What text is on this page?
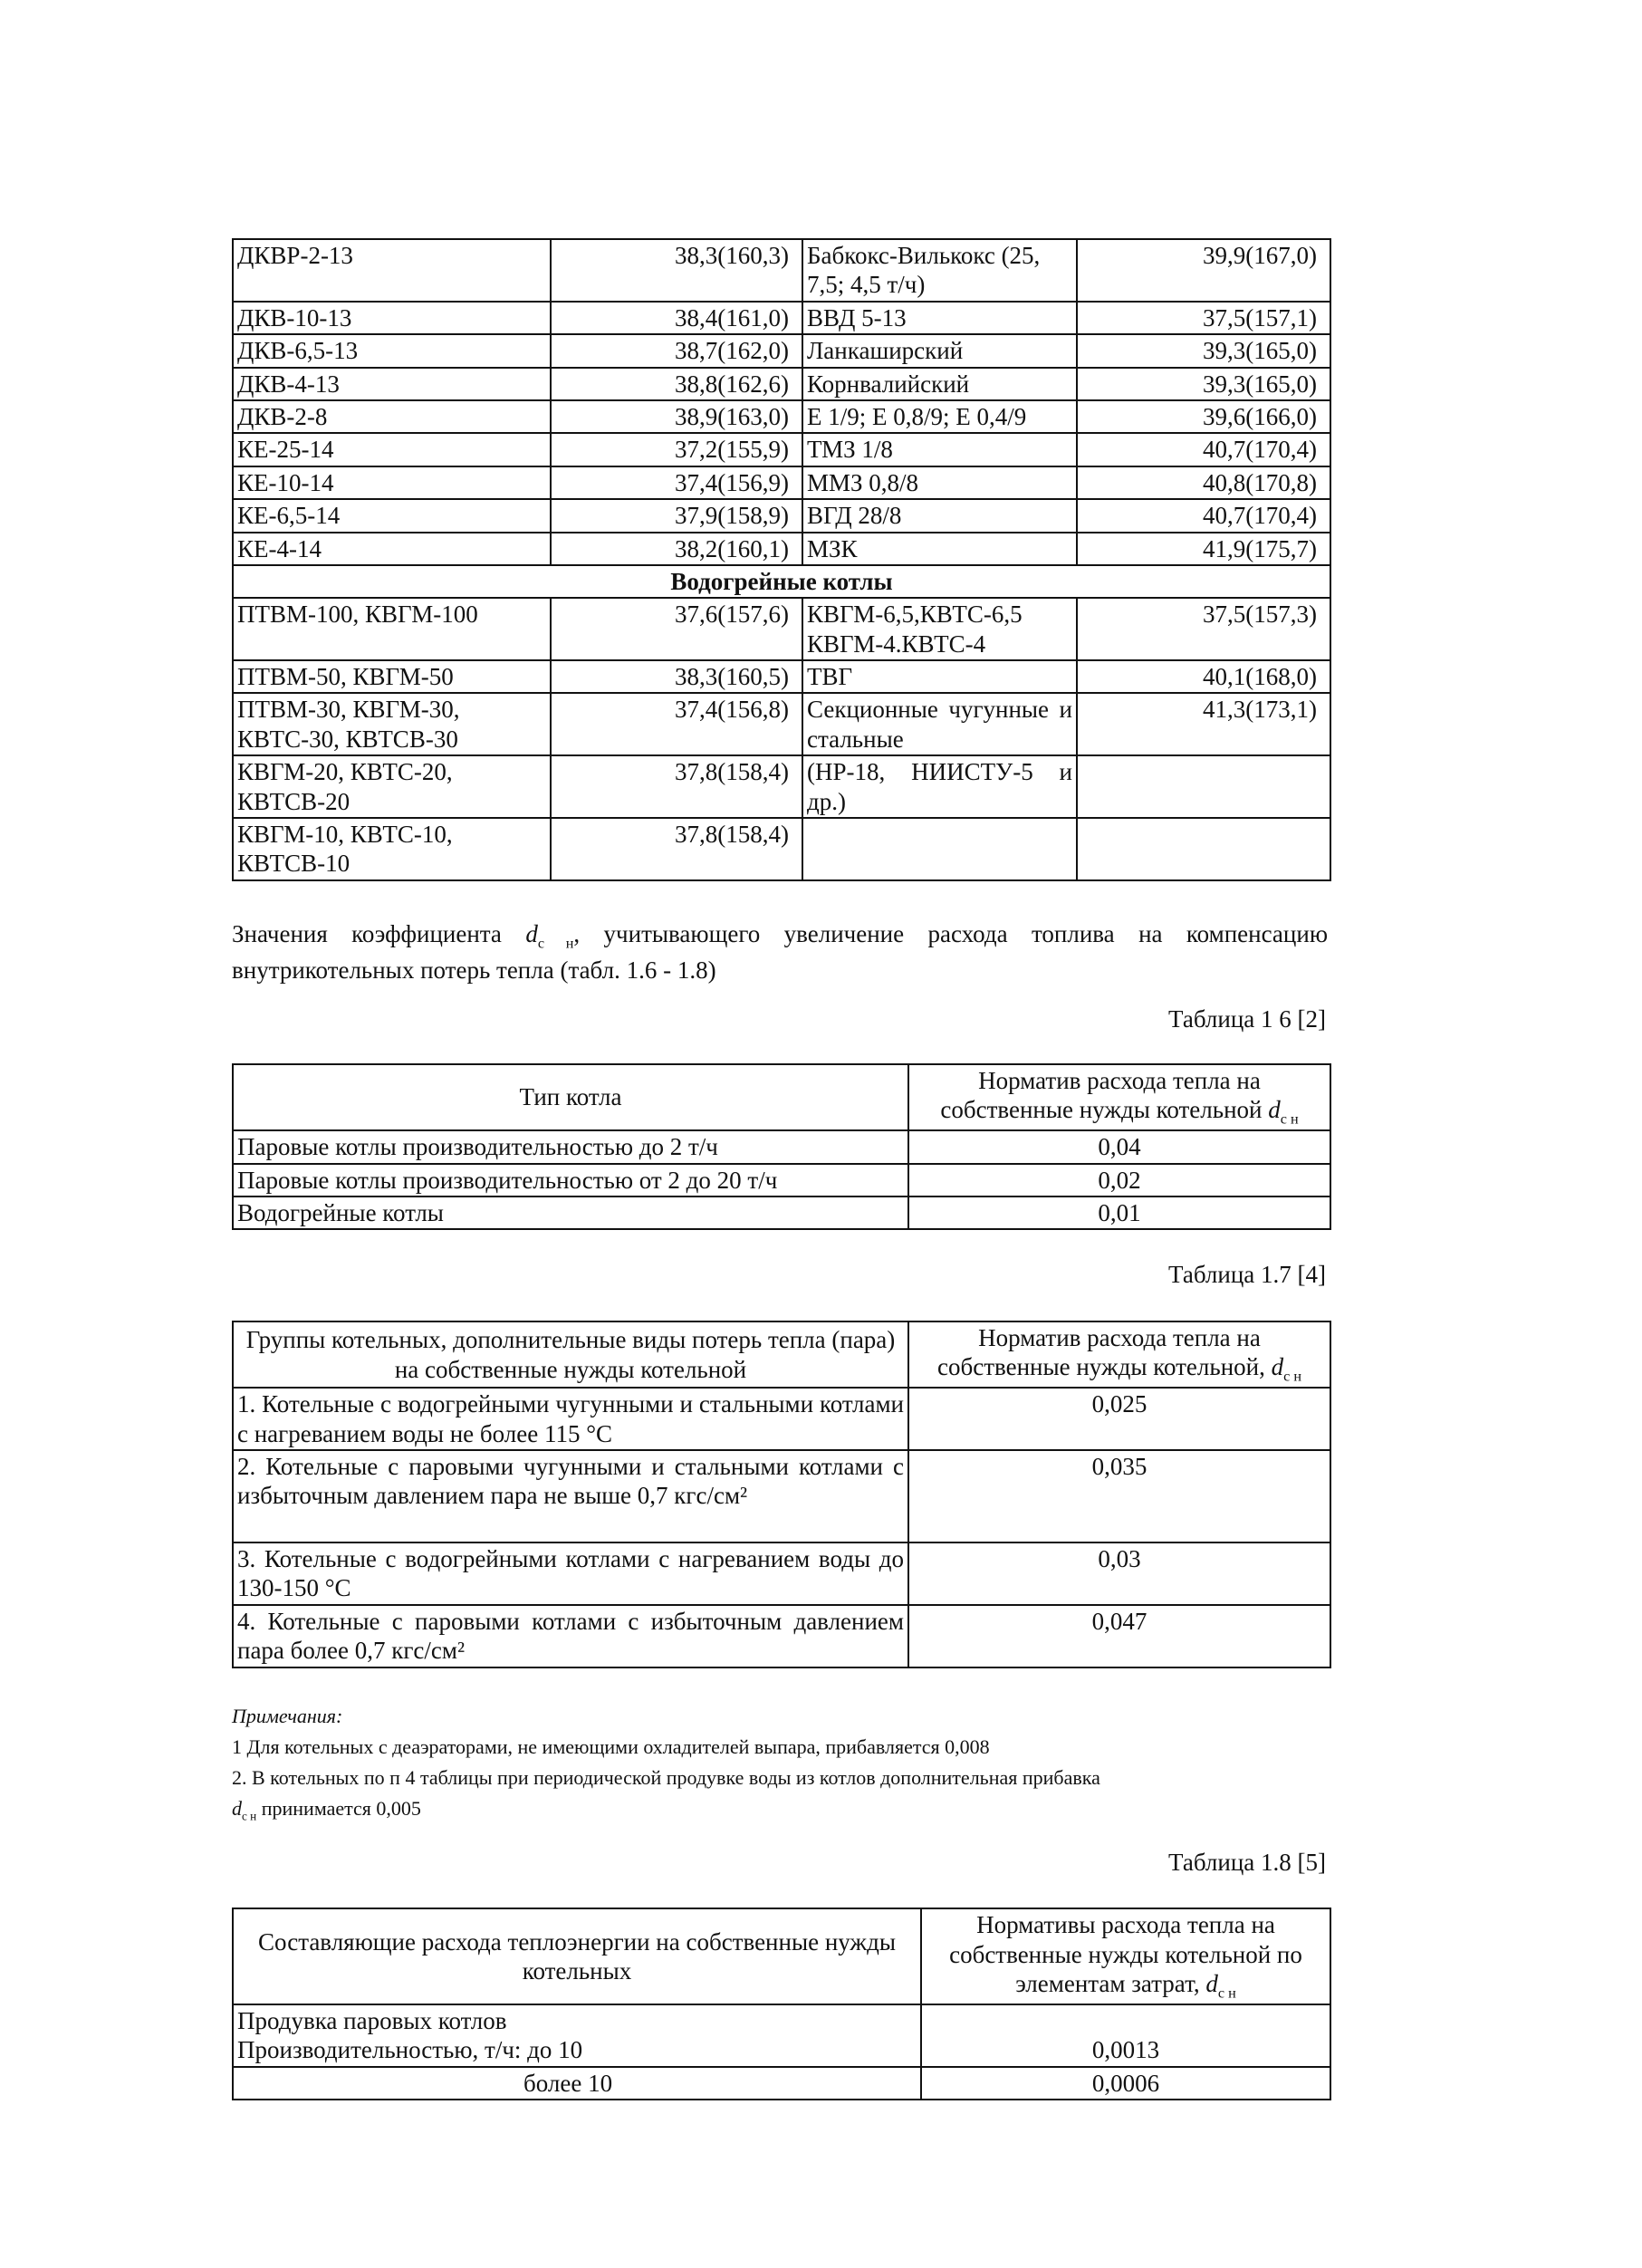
ДКВР-2-13	38,3(160,3)	Бабкокс-Вилькокс (25, 7,5; 4,5 т/ч)	39,9(167,0)
ДКВ-10-13	38,4(161,0)	ВВД 5-13	37,5(157,1)
ДКВ-6,5-13	38,7(162,0)	Ланкаширский	39,3(165,0)
ДКВ-4-13	38,8(162,6)	Корнвалийский	39,3(165,0)
ДКВ-2-8	38,9(163,0)	Е 1/9; Е 0,8/9; Е 0,4/9	39,6(166,0)
КЕ-25-14	37,2(155,9)	ТМЗ 1/8	40,7(170,4)
КЕ-10-14	37,4(156,9)	ММЗ 0,8/8	40,8(170,8)
КЕ-6,5-14	37,9(158,9)	ВГД 28/8	40,7(170,4)
КЕ-4-14	38,2(160,1)	МЗК	41,9(175,7)
Водогрейные котлы			
ПТВМ-100, КВГМ-100	37,6(157,6)	КВГМ-6,5,КВТС-6,5 КВГМ-4.КВТС-4	37,5(157,3)
ПТВМ-50, КВГМ-50	38,3(160,5)	ТВГ	40,1(168,0)
ПТВМ-30, КВГМ-30, КВТС-30, КВТСВ-30	37,4(156,8)	Секционные чугунные и стальные	41,3(173,1)
КВГМ-20, КВТС-20, КВТСВ-20	37,8(158,4)	(НР-18, НИИСТУ-5 и др.)	
КВГМ-10, КВТС-10, КВТСВ-10	37,8(158,4)		

Значения коэффициента $d_{с н}$, учитывающего увеличение расхода топлива на компенсацию внутрикотельных потерь тепла (табл. 1.6 - 1.8)

Таблица 1 6 [2]
Тип котла	Норматив расхода тепла на собственные нужды котельной $d_{с н}$
Паровые котлы производительностью до 2 т/ч	0,04
Паровые котлы производительностью от 2 до 20 т/ч	0,02
Водогрейные котлы	0,01
Таблица 1.7 [4]
Группы котельных, дополнительные виды потерь тепла (пара) на собственные нужды котельной	Норматив расхода тепла на собственные нужды котельной, $d_{с н}$
1. Котельные с водогрейными чугунными и стальными котлами с нагреванием воды не более 115 °С	0,025
2. Котельные с паровыми чугунными и стальными котлами с избыточным давлением пара не выше 0,7 кгс/см²	0,035
3. Котельные с водогрейными котлами с нагреванием воды до 130-150 °С	0,03
4. Котельные с паровыми котлами с избыточным давлением пара более 0,7 кгс/см²	0,047
Примечания:
1 Для котельных с деаэраторами, не имеющими охладителей выпара, прибавляется 0,008
2. В котельных по п 4 таблицы при периодической продувке воды из котлов дополнительная прибавка
$d_{с н}$ принимается 0,005
Таблица 1.8 [5]
Составляющие расхода теплоэнергии на собственные нужды котельных	Нормативы расхода тепла на собственные нужды котельной по элементам затрат, $d_{с н}$

Продувка паровых котлов
Производительностью, т/ч: до 10	0,0013
более 10	0,0006
